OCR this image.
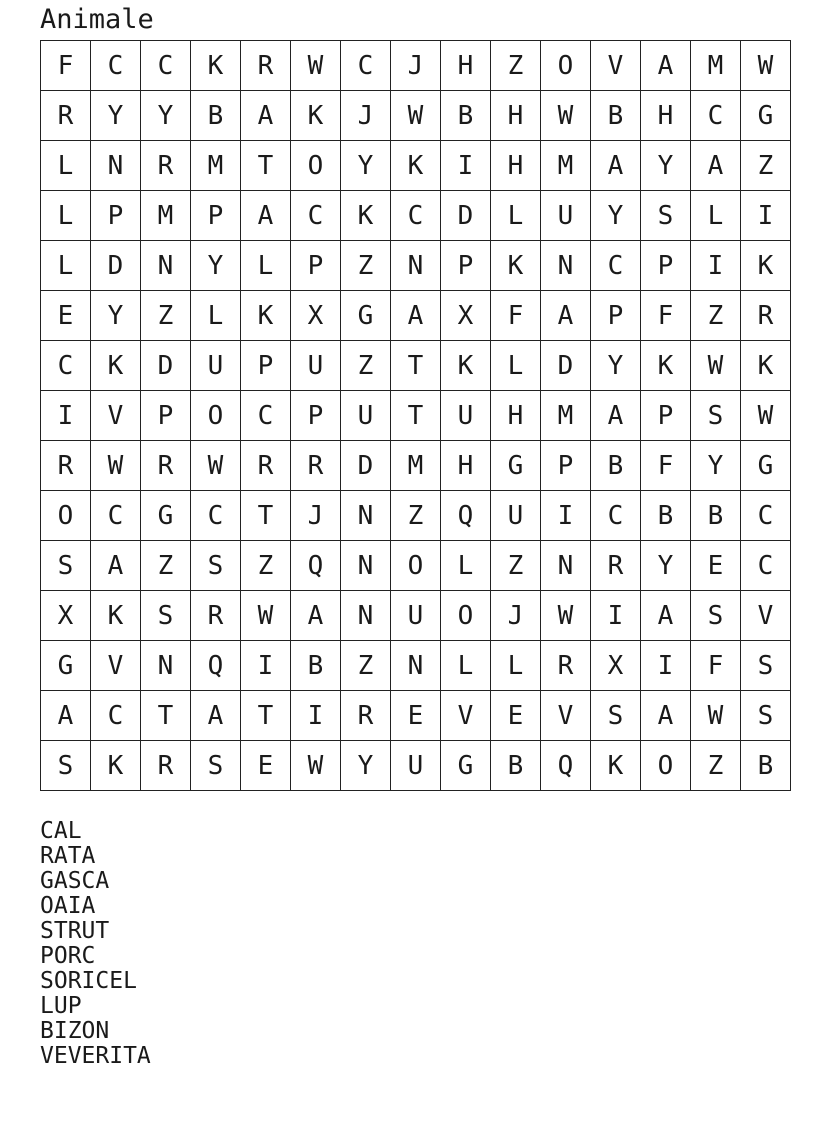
Animale
F	C	C	K	R	W	C	J	H	Z	O	V	A	M	W
R	Y	Y	B	A	K	J	W	B	H	W	B	H	C	G
L	N	R	M	T	O	Y	K	I	H	M	A	Y	A	Z
L	P	M	P	A	C	K	C	D	L	U	Y	S	L	I
L	D	N	Y	L	P	Z	N	P	K	N	C	P	I	K
E	Y	Z	L	K	X	G	A	X	F	A	P	F	Z	R
C	K	D	U	P	U	Z	T	K	L	D	Y	K	W	K
I	V	P	O	C	P	U	T	U	H	M	A	P	S	W
R	W	R	W	R	R	D	M	H	G	P	B	F	Y	G
O	C	G	C	T	J	N	Z	Q	U	I	C	B	B	C
S	A	Z	S	Z	Q	N	O	L	Z	N	R	Y	E	C
X	K	S	R	W	A	N	U	O	J	W	I	A	S	V
G	V	N	Q	I	B	Z	N	L	L	R	X	I	F	S
A	C	T	A	T	I	R	E	V	E	V	S	A	W	S
S	K	R	S	E	W	Y	U	G	B	Q	K	O	Z	B
CAL
RATA
GASCA
OAIA
STRUT
PORC
SORICEL
LUP
BIZON
VEVERITA
